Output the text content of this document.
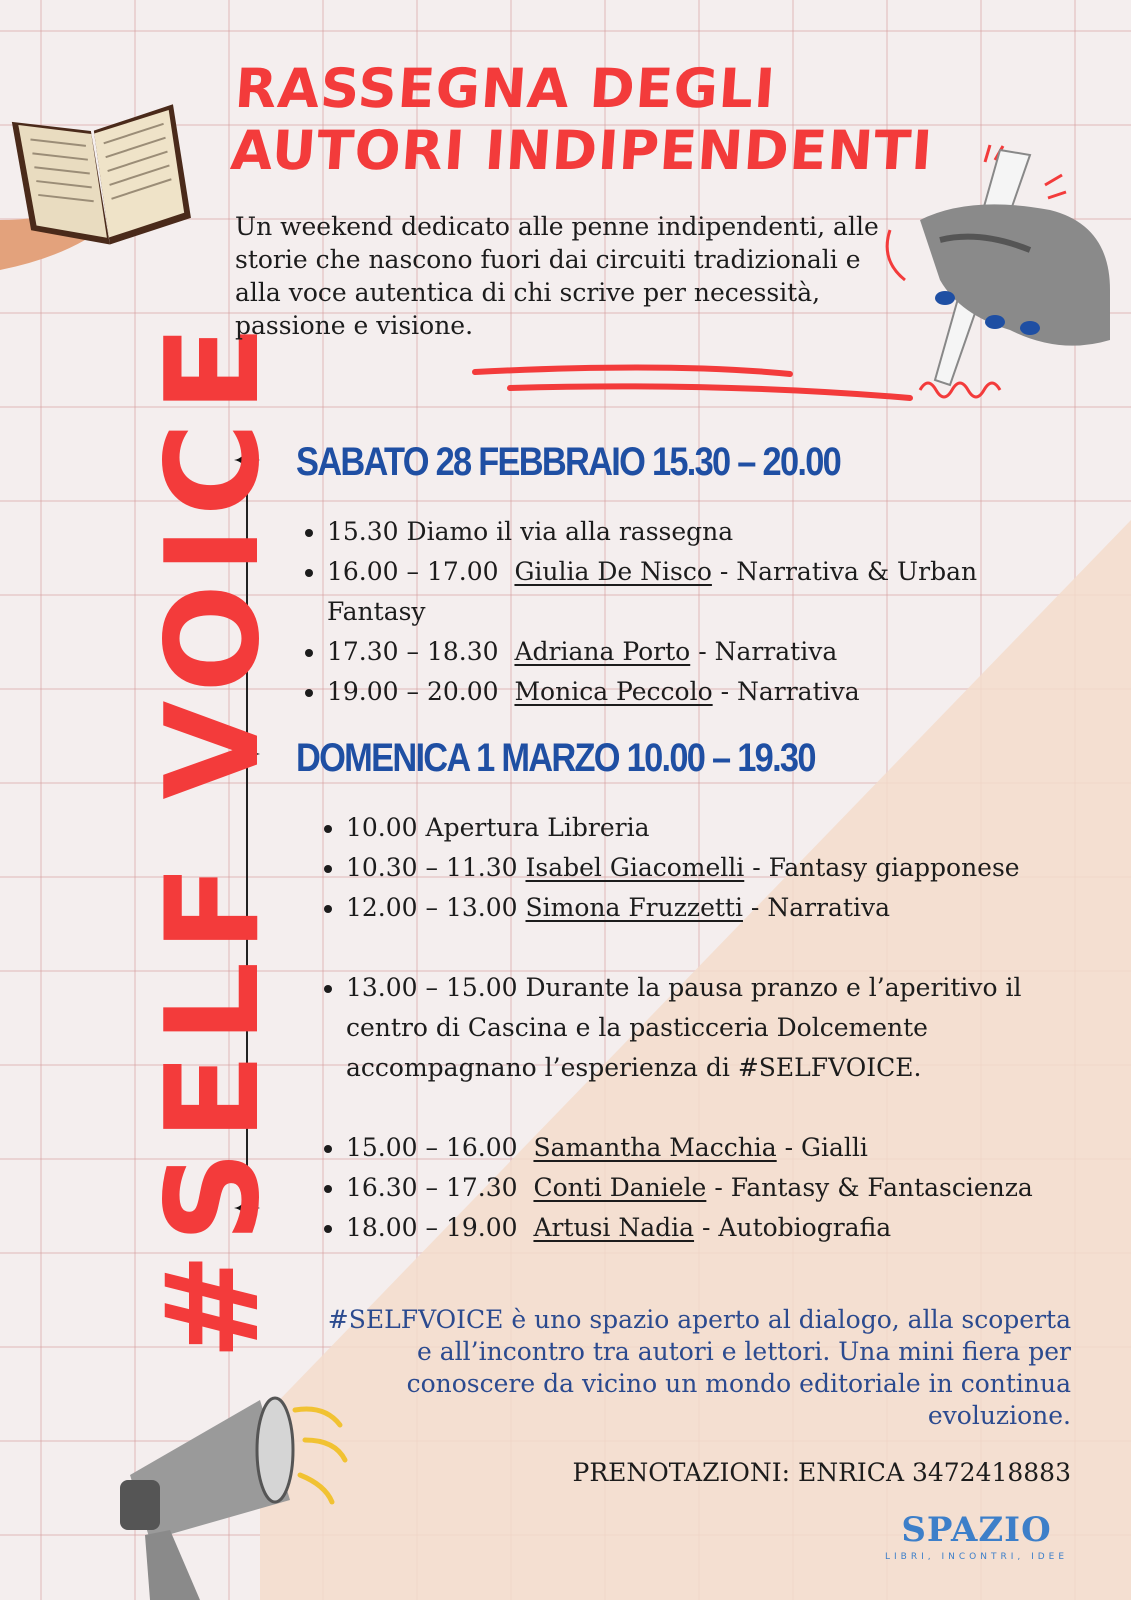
#SELF VOICE
RASSEGNA DEGLI
AUTORI INDIPENDENTI

Un weekend dedicato alle penne indipendenti, alle storie che nascono fuori dai circuiti tradizionali e alla voce autentica di chi scrive per necessità, passione e visione.

SABATO 28 FEBBRAIO 15.30 – 20.00
• 15.30 Diamo il via alla rassegna
• 16.00 – 17.00 Giulia De Nisco - Narrativa & Urban Fantasy
• 17.30 – 18.30 Adriana Porto - Narrativa
• 19.00 – 20.00 Monica Peccolo - Narrativa
DOMENICA 1 MARZO 10.00 – 19.30
• 10.00 Apertura Libreria
• 10.30 – 11.30 Isabel Giacomelli - Fantasy giapponese
• 12.00 – 13.00 Simona Fruzzetti - Narrativa
• 13.00 – 15.00 Durante la pausa pranzo e l’aperitivo il centro di Cascina e la pasticceria Dolcemente accompagnano l’esperienza di #SELFVOICE.
• 15.00 – 16.00 Samantha Macchia - Gialli
• 16.30 – 17.30 Conti Daniele - Fantasy & Fantascienza
• 18.00 – 19.00 Artusi Nadia - Autobiografia

#SELFVOICE è uno spazio aperto al dialogo, alla scoperta e all’incontro tra autori e lettori. Una mini fiera per conoscere da vicino un mondo editoriale in continua evoluzione.

PRENOTAZIONI: ENRICA 3472418883

SPAZIO
LIBRI, INCONTRI, IDEE
